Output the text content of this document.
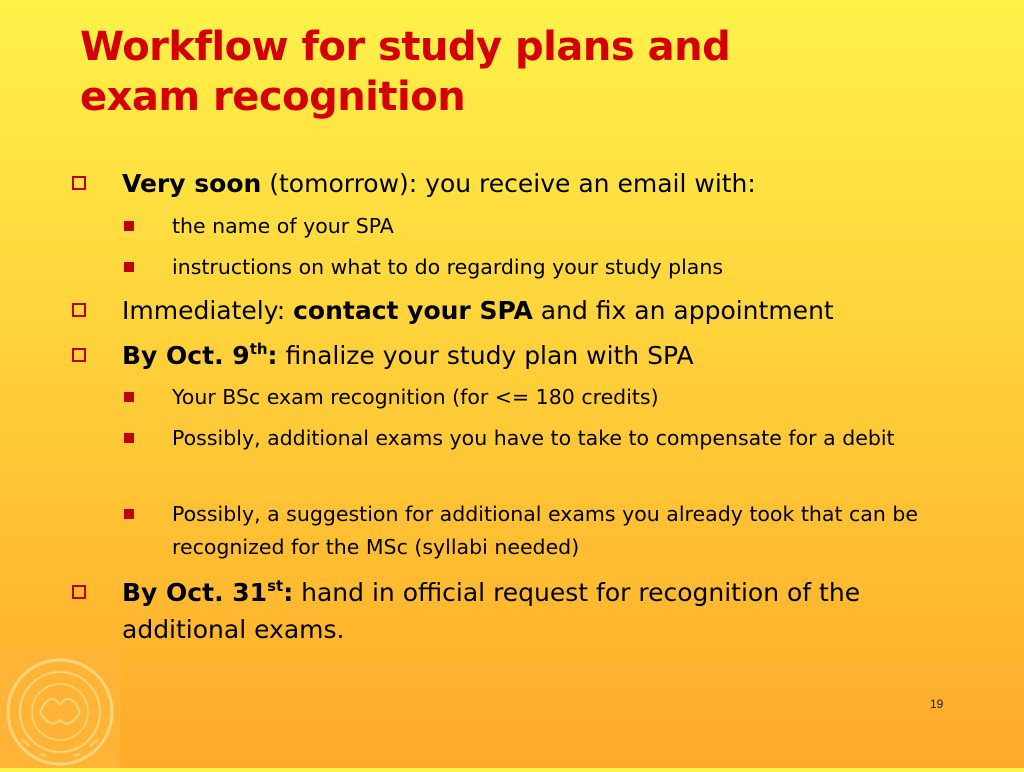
Workflow for study plans and
exam recognition
Very soon (tomorrow): you receive an email with:
the name of your SPA
instructions on what to do regarding your study plans
Immediately: contact your SPA and fix an appointment
By Oct. 9th: finalize your study plan with SPA
Your BSc exam recognition (for <= 180 credits)
Possibly, additional exams you have to take to compensate for a debit
Possibly, a suggestion for additional exams you already took that can be recognized for the MSc (syllabi needed)
By Oct. 31st: hand in official request for recognition of the additional exams.
19
